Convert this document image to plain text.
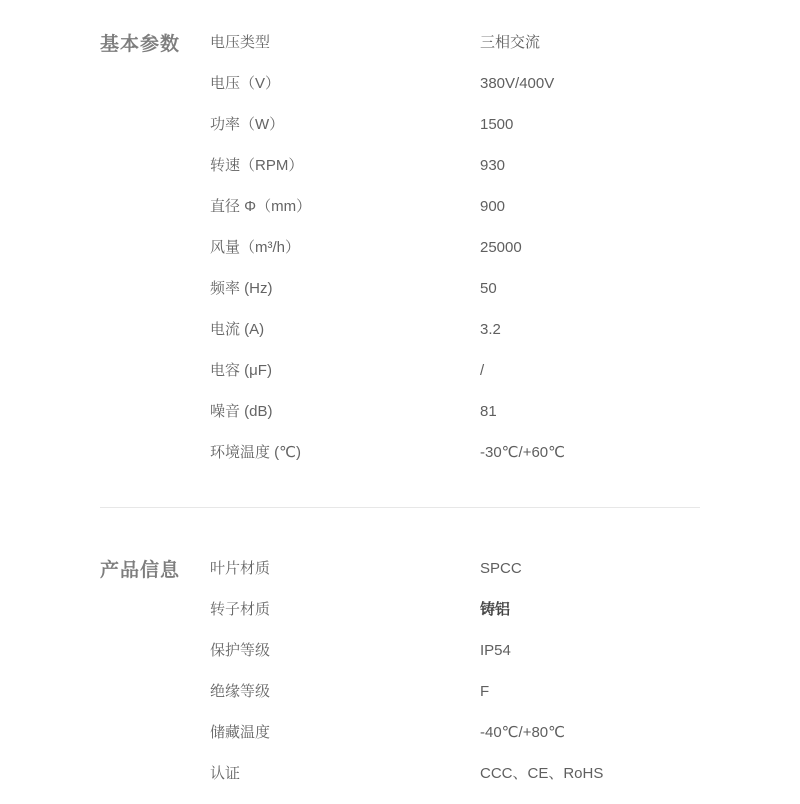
基本参数	电压类型	三相交流
电压（V）	380V/400V
功率（W）	1500
转速（RPM）	930
直径 Φ（mm）	900
风量（m³/h）	25000
频率 (Hz)	50
电流 (A)	3.2
电容 (μF)	/
噪音 (dB)	81
环境温度 (℃)	-30℃/+60℃
产品信息	叶片材质	SPCC
转子材质	铸铝
保护等级	IP54
绝缘等级	F
储藏温度	-40℃/+80℃
认证	CCC、CE、RoHS
